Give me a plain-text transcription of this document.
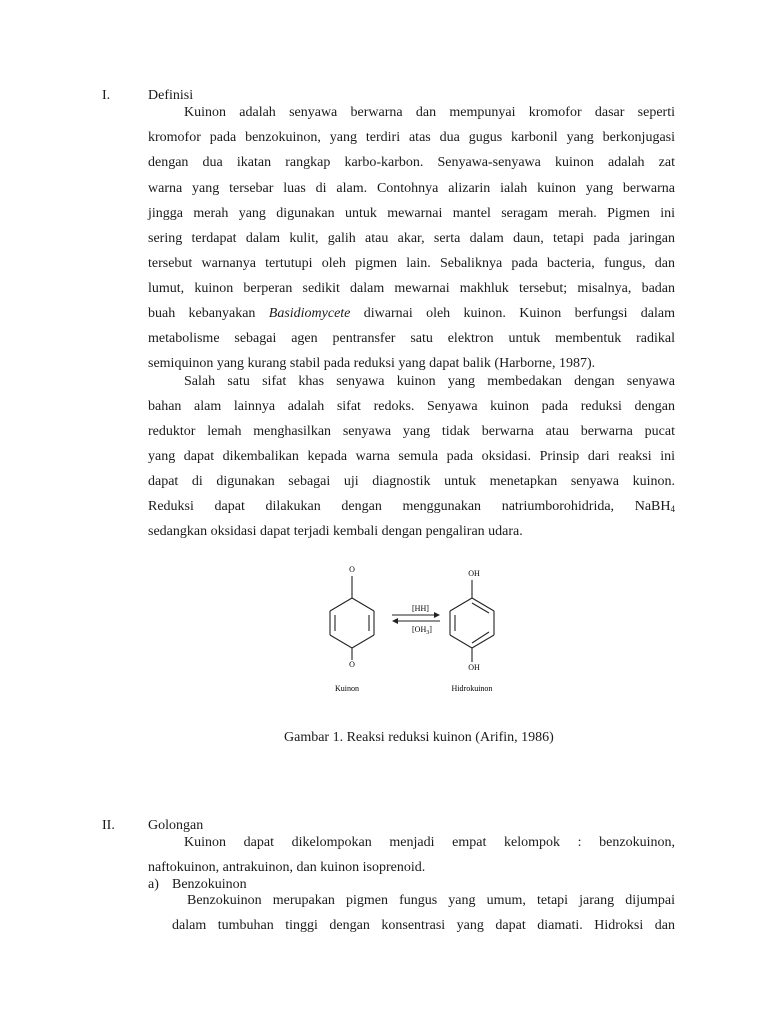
I.	Definisi
Kuinon adalah senyawa berwarna dan mempunyai kromofor dasar seperti
kromofor pada benzokuinon, yang terdiri atas dua gugus karbonil yang berkonjugasi
dengan dua ikatan rangkap karbo-karbon. Senyawa-senyawa kuinon adalah zat
warna yang tersebar luas di alam. Contohnya alizarin ialah kuinon yang berwarna
jingga merah yang digunakan untuk mewarnai mantel seragam merah. Pigmen ini
sering terdapat dalam kulit, galih atau akar, serta dalam daun, tetapi pada jaringan
tersebut warnanya tertutupi oleh pigmen lain. Sebaliknya pada bacteria, fungus, dan
lumut, kuinon berperan sedikit dalam mewarnai makhluk tersebut; misalnya, badan
buah kebanyakan Basidiomycete diwarnai oleh kuinon. Kuinon berfungsi dalam
metabolisme sebagai agen pentransfer satu elektron untuk membentuk radikal
semiquinon yang kurang stabil pada reduksi yang dapat balik (Harborne, 1987).
Salah satu sifat khas senyawa kuinon yang membedakan dengan senyawa
bahan alam lainnya adalah sifat redoks. Senyawa kuinon pada reduksi dengan
reduktor lemah menghasilkan senyawa yang tidak berwarna atau berwarna pucat
yang dapat dikembalikan kepada warna semula pada oksidasi. Prinsip dari reaksi ini
dapat di digunakan sebagai uji diagnostik untuk menetapkan senyawa kuinon.
Reduksi dapat dilakukan dengan menggunakan natriumborohidrida, NaBH$_4$
sedangkan oksidasi dapat terjadi kembali dengan pengaliran udara.
O
O
Kuinon
[HH]
$[OH_3]$
OH
OH
Hidrokuinon
Gambar 1. Reaksi reduksi kuinon (Arifin, 1986)
II. Golongan
Kuinon dapat dikelompokan menjadi empat kelompok : benzokuinon,
naftokuinon, antrakuinon, dan kuinon isoprenoid.
a) Benzokuinon
Benzokuinon merupakan pigmen fungus yang umum, tetapi jarang dijumpai
dalam tumbuhan tinggi dengan konsentrasi yang dapat diamati. Hidroksi dan
